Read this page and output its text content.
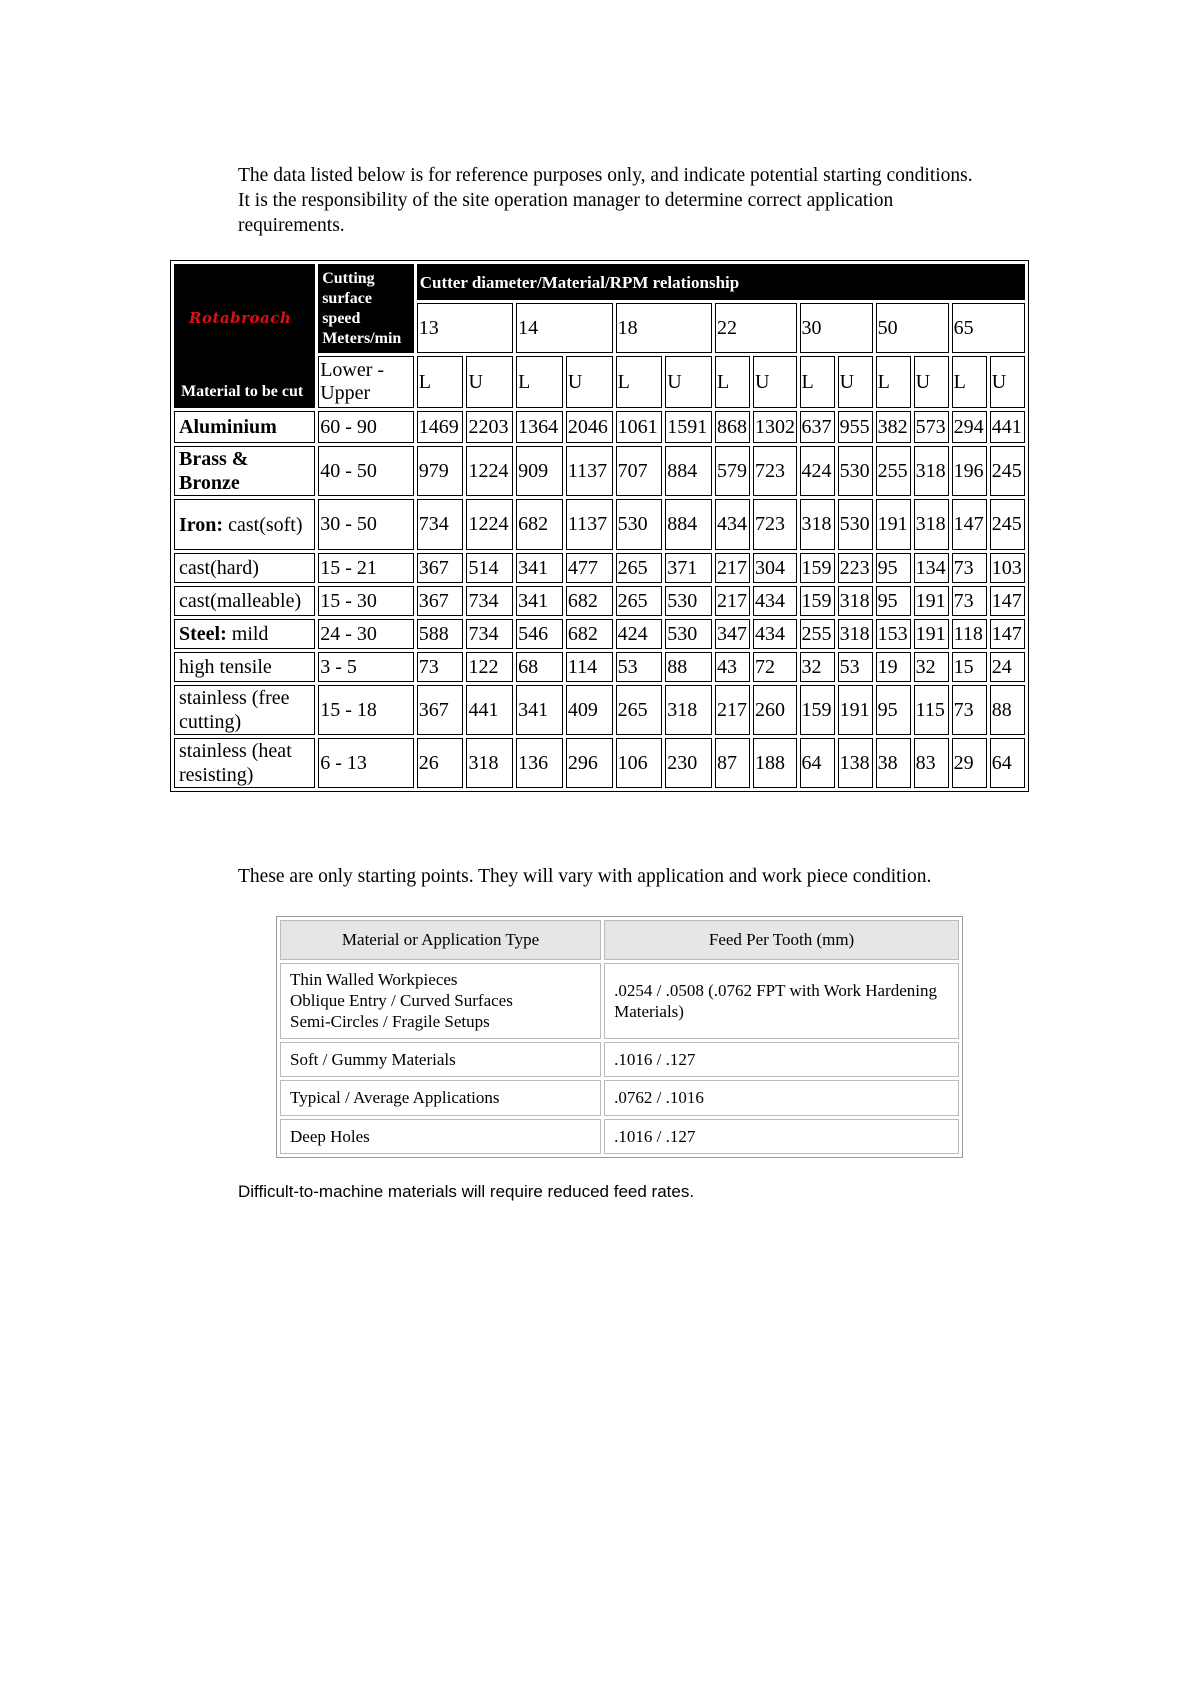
The data listed below is for reference purposes only, and indicate potential starting conditions. It is the responsibility of the site operation manager to determine correct application requirements.

Rotabroach
Material to be cut	Cutting surface speed Meters/min	Cutter diameter/Material/RPM relationship													
		13		14		18		22		30		50		65	
	Lower - Upper	L	U	L	U	L	U	L	U	L	U	L	U	L	U
Aluminium	60 - 90	1469	2203	1364	2046	1061	1591	868	1302	637	955	382	573	294	441
Brass & Bronze	40 - 50	979	1224	909	1137	707	884	579	723	424	530	255	318	196	245
Iron: cast(soft)	30 - 50	734	1224	682	1137	530	884	434	723	318	530	191	318	147	245
cast(hard)	15 - 21	367	514	341	477	265	371	217	304	159	223	95	134	73	103
cast(malleable)	15 - 30	367	734	341	682	265	530	217	434	159	318	95	191	73	147
Steel: mild	24 - 30	588	734	546	682	424	530	347	434	255	318	153	191	118	147
high tensile	3 - 5	73	122	68	114	53	88	43	72	32	53	19	32	15	24
stainless (free cutting)	15 - 18	367	441	341	409	265	318	217	260	159	191	95	115	73	88
stainless (heat resisting)	6 - 13	26	318	136	296	106	230	87	188	64	138	38	83	29	64

These are only starting points. They will vary with application and work piece condition.

Material or Application Type	Feed Per Tooth (mm)

Thin Walled Workpieces
Oblique Entry / Curved Surfaces
Semi-Circles / Fragile Setups	.0254 / .0508 (.0762 FPT with Work Hardening Materials)
Soft / Gummy Materials	.1016 / .127
Typical / Average Applications	.0762 / .1016
Deep Holes	.1016 / .127

Difficult-to-machine materials will require reduced feed rates.
